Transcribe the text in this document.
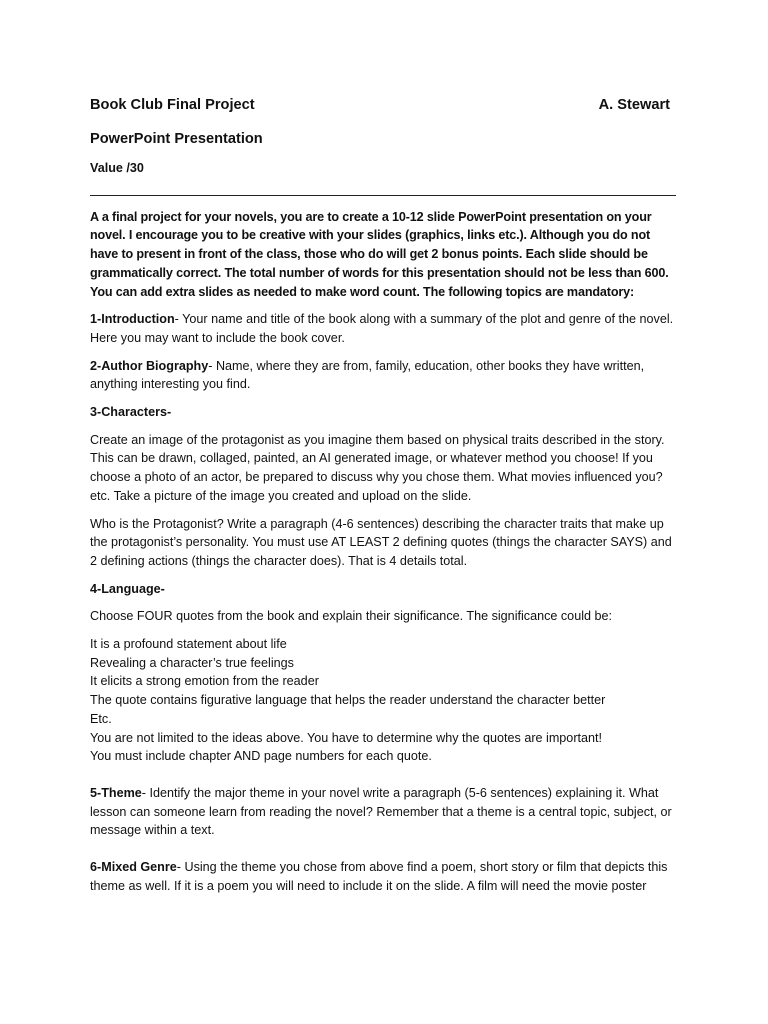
Book Club Final Project	A. Stewart
PowerPoint Presentation
Value /30

A a final project for your novels, you are to create a 10-12 slide PowerPoint presentation on your novel. I encourage you to be creative with your slides (graphics, links etc.). Although you do not have to present in front of the class, those who do will get 2 bonus points. Each slide should be grammatically correct. The total number of words for this presentation should not be less than 600. You can add extra slides as needed to make word count. The following topics are mandatory:

1-Introduction- Your name and title of the book along with a summary of the plot and genre of the novel. Here you may want to include the book cover.

2-Author Biography- Name, where they are from, family, education, other books they have written, anything interesting you find.

3-Characters-

Create an image of the protagonist as you imagine them based on physical traits described in the story. This can be drawn, collaged, painted, an AI generated image, or whatever method you choose! If you choose a photo of an actor, be prepared to discuss why you chose them. What movies influenced you? etc. Take a picture of the image you created and upload on the slide.

Who is the Protagonist? Write a paragraph (4-6 sentences) describing the character traits that make up the protagonist’s personality. You must use AT LEAST 2 defining quotes (things the character SAYS) and 2 defining actions (things the character does). That is 4 details total.

4-Language-

Choose FOUR quotes from the book and explain their significance. The significance could be:

It is a profound statement about life
Revealing a character’s true feelings
It elicits a strong emotion from the reader
The quote contains figurative language that helps the reader understand the character better
Etc.
You are not limited to the ideas above. You have to determine why the quotes are important!
You must include chapter AND page numbers for each quote.

5-Theme- Identify the major theme in your novel write a paragraph (5-6 sentences) explaining it. What lesson can someone learn from reading the novel? Remember that a theme is a central topic, subject, or message within a text.

6-Mixed Genre- Using the theme you chose from above find a poem, short story or film that depicts this theme as well. If it is a poem you will need to include it on the slide. A film will need the movie poster
